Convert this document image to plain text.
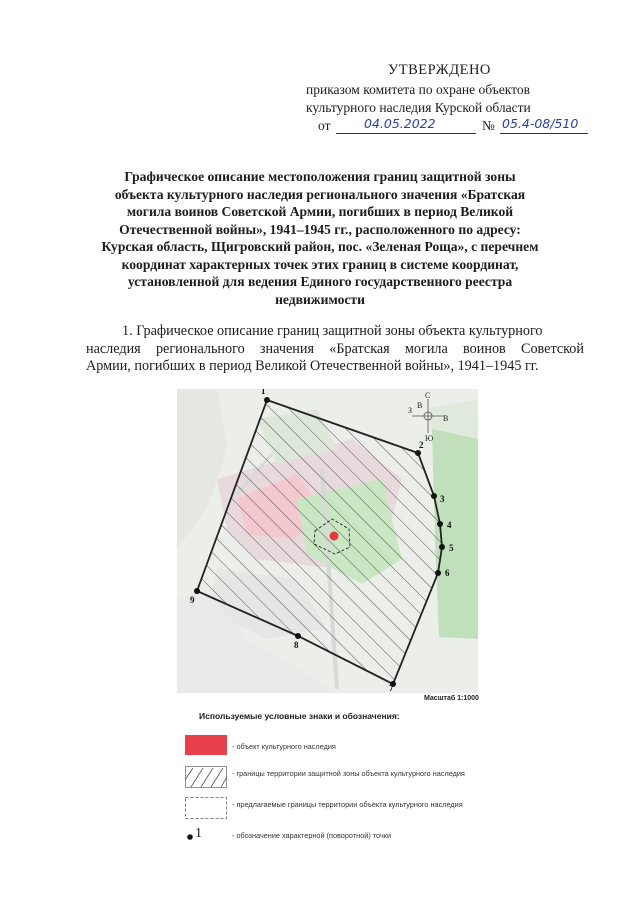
УТВЕРЖДЕНО
приказом комитета по охране объектов
культурного наследия Курской области
от	04.05.2022	№ 05.4-08/510
Графическое описание местоположения границ защитной зоны
объекта культурного наследия регионального значения «Братская
могила воинов Советской Армии, погибших в период Великой
Отечественной войны», 1941–1945 гг., расположенного по адресу:
Курская область, Щигровский район, пос. «Зеленая Роща», с перечнем
координат характерных точек этих границ в системе координат,
установленной для ведения Единого государственного реестра
недвижимости
1. Графическое описание границ защитной зоны объекта культурного
наследия регионального значения «Братская могила воинов Советской
Армии, погибших в период Великой Отечественной войны», 1941–1945 гг.
1
2
3
4
5
6
7
8
9
С
Ю
З
В
В
Масштаб 1:1000
Используемые условные знаки и обозначения:
- объект культурного наследия
- границы территории защитной зоны объекта культурного наследия
- предлагаемые границы территории объекта культурного наследия
1	- обозначение характерной (поворотной) точки
